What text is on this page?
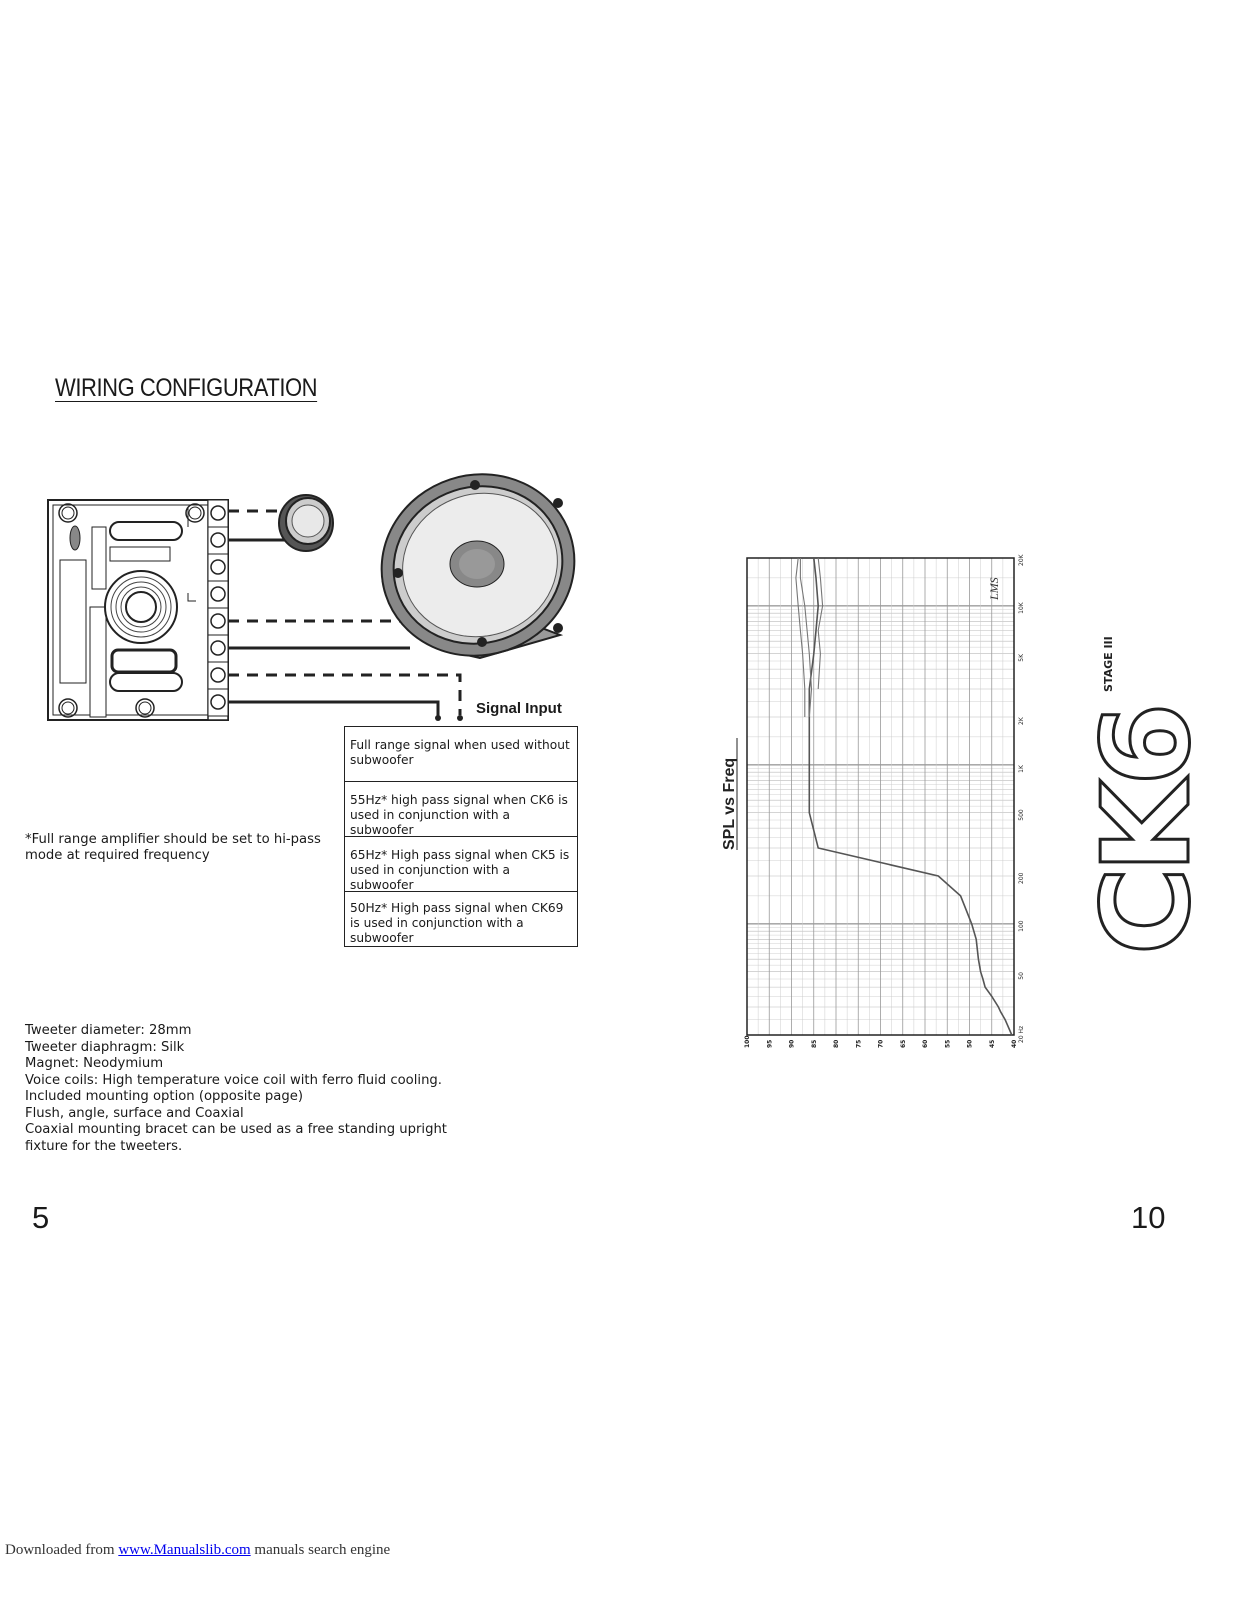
WIRING CONFIGURATION
Signal Input
Full range signal when used without subwoofer
55Hz* high pass signal when CK6 is used in conjunction with a subwoofer
65Hz* High pass signal when CK5 is used in conjunction with a subwoofer
50Hz* High pass signal when CK69 is used in conjunction with a subwoofer
*Full range amplifier should be set to hi-pass mode at required frequency
Tweeter diameter: 28mm
Tweeter diaphragm: Silk
Magnet: Neodymium
Voice coils: High temperature voice coil with ferro fluid cooling.
Included mounting option (opposite page)
Flush, angle, surface and Coaxial
Coaxial mounting bracet can be used as a free standing upright
fixture for the tweeters.
5	10
20 Hz
50
100
200
500
1K
2K
5K
10K
20K
40
45
50
55
60
65
70
75
80
85
90
95
100
SPL vs Freq
LMS
CK6
STAGE III
Downloaded from www.Manualslib.com manuals search engine
